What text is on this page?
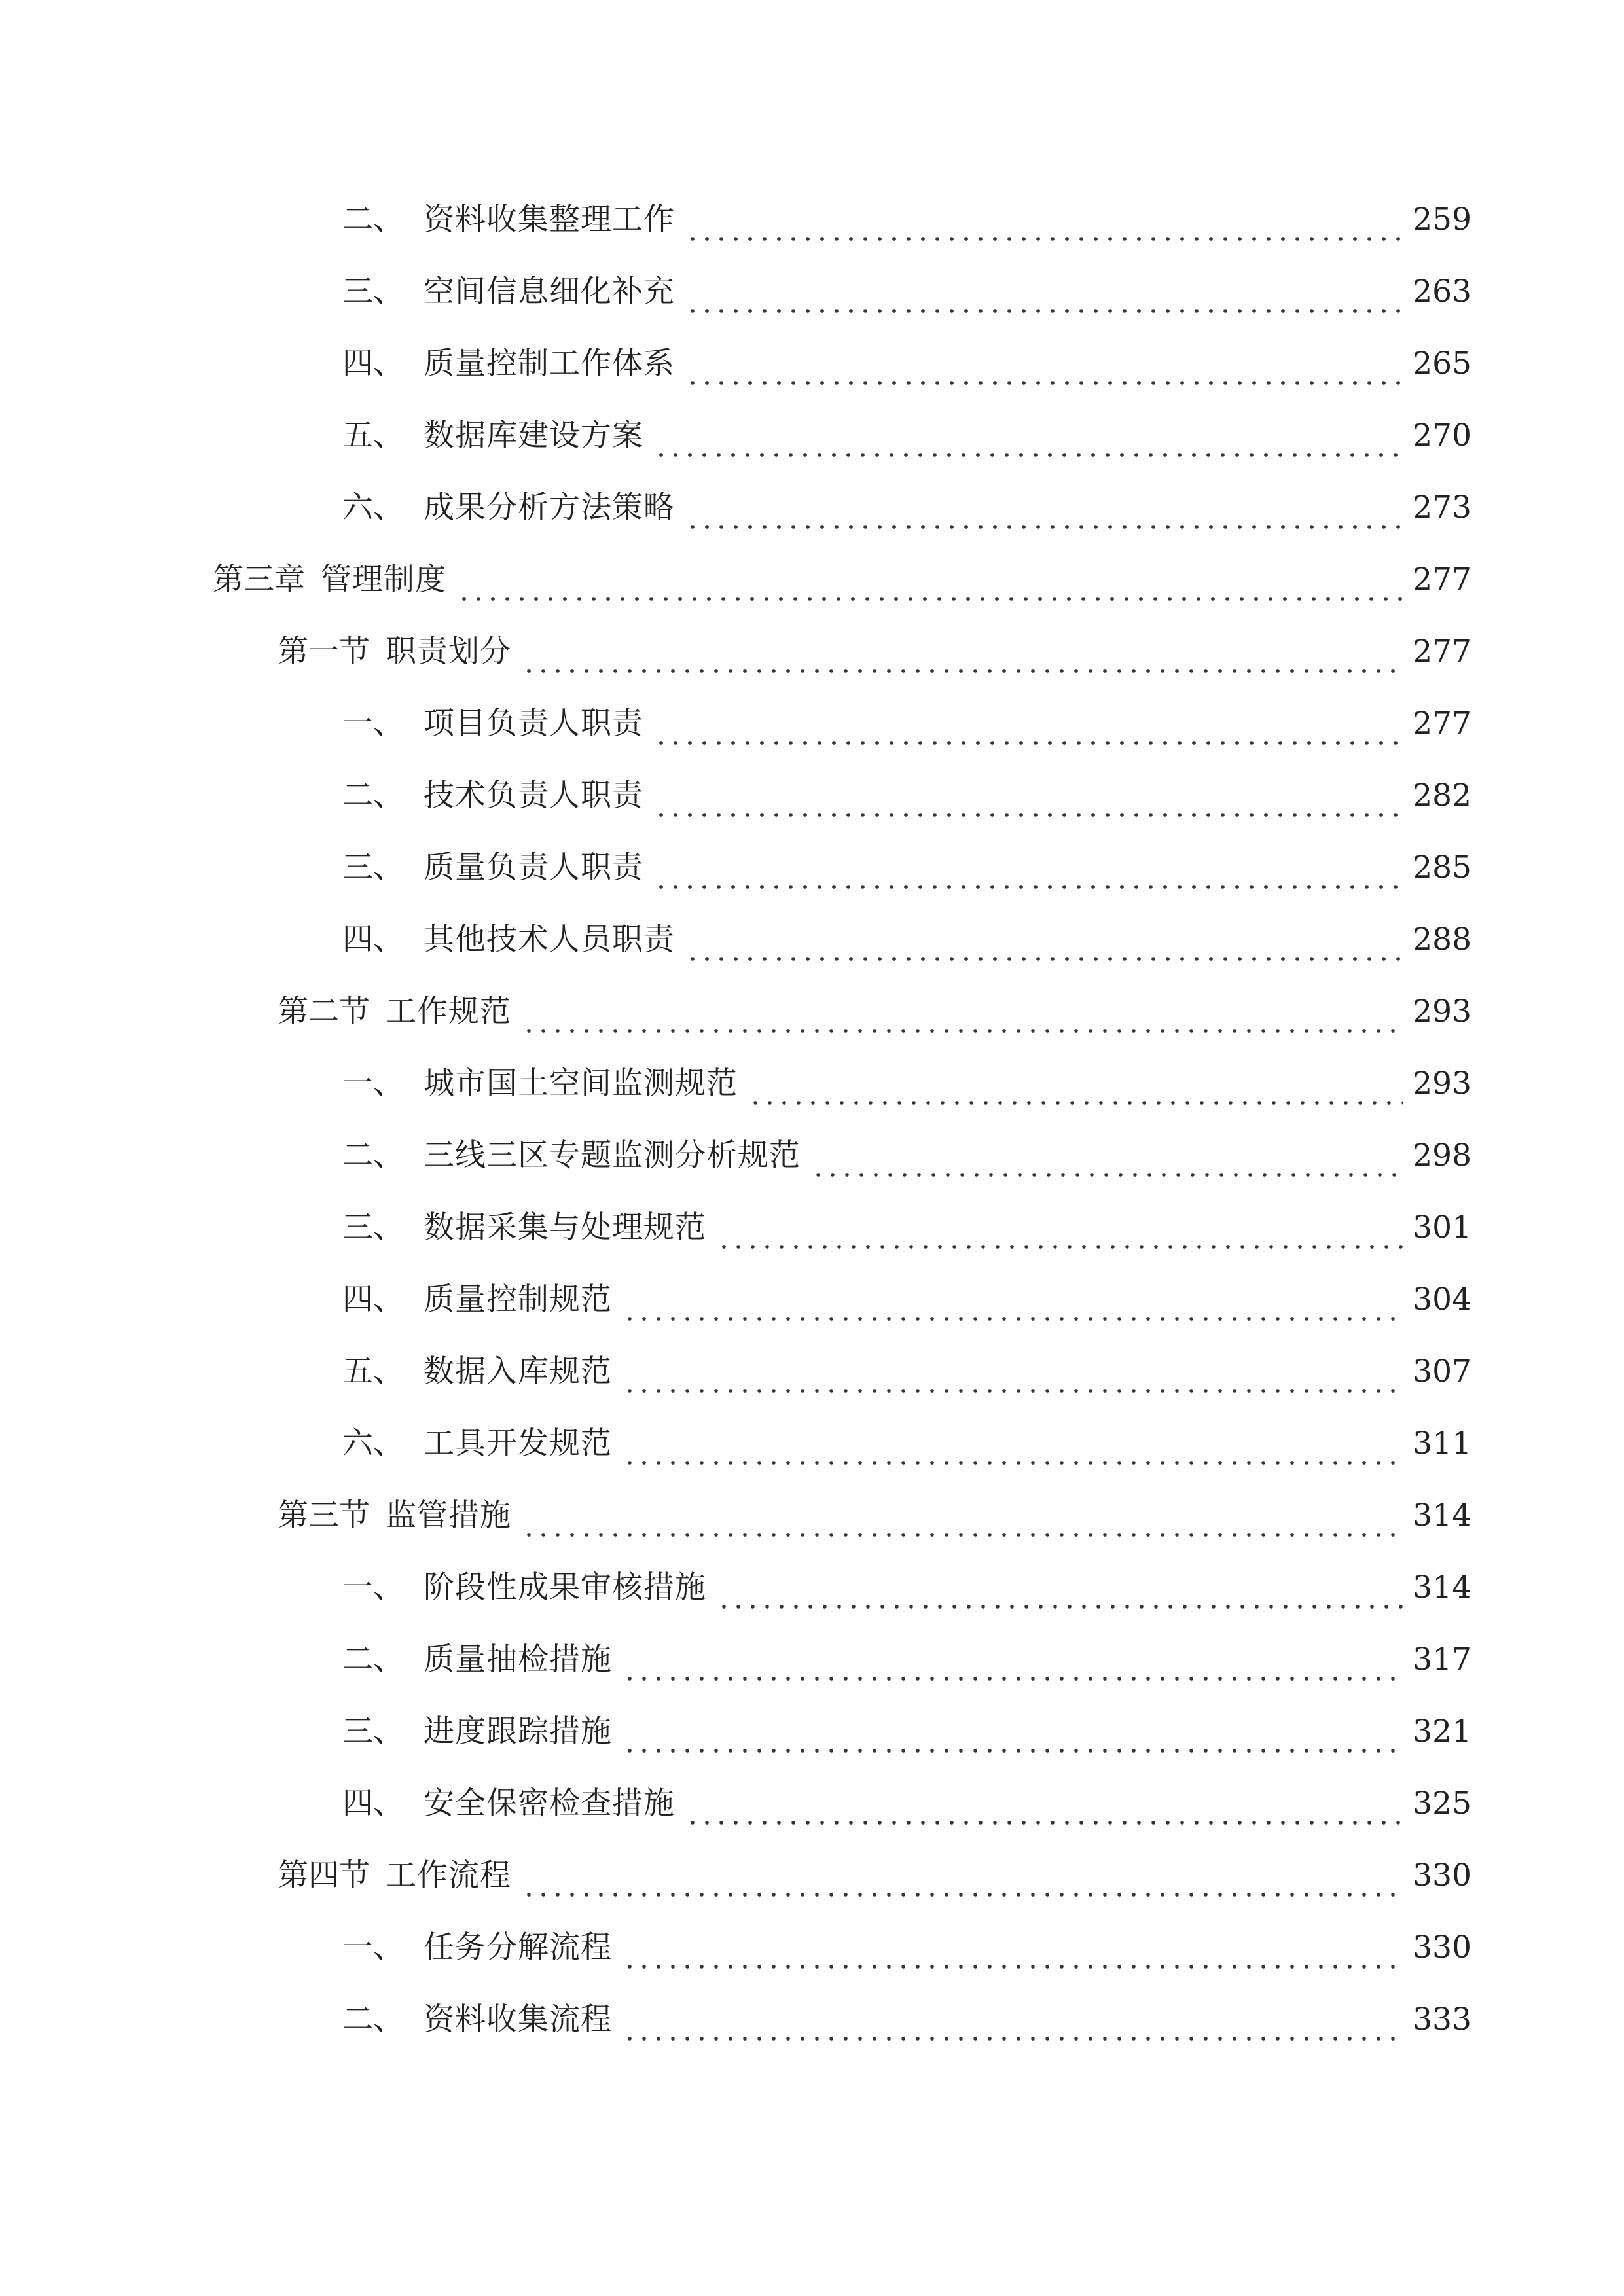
二、 资料收集整理工作	259
三、 空间信息细化补充	263
四、 质量控制工作体系	265
五、 数据库建设方案	270
六、 成果分析方法策略	273
第三章 管理制度	277
第一节 职责划分	277
一、 项目负责人职责	277
二、 技术负责人职责	282
三、 质量负责人职责	285
四、 其他技术人员职责	288
第二节 工作规范	293
一、 城市国土空间监测规范	293
二、 三线三区专题监测分析规范	298
三、 数据采集与处理规范	301
四、 质量控制规范	304
五、 数据入库规范	307
六、 工具开发规范	311
第三节 监管措施	314
一、 阶段性成果审核措施	314
二、 质量抽检措施	317
三、 进度跟踪措施	321
四、 安全保密检查措施	325
第四节 工作流程	330
一、 任务分解流程	330
二、 资料收集流程	333
